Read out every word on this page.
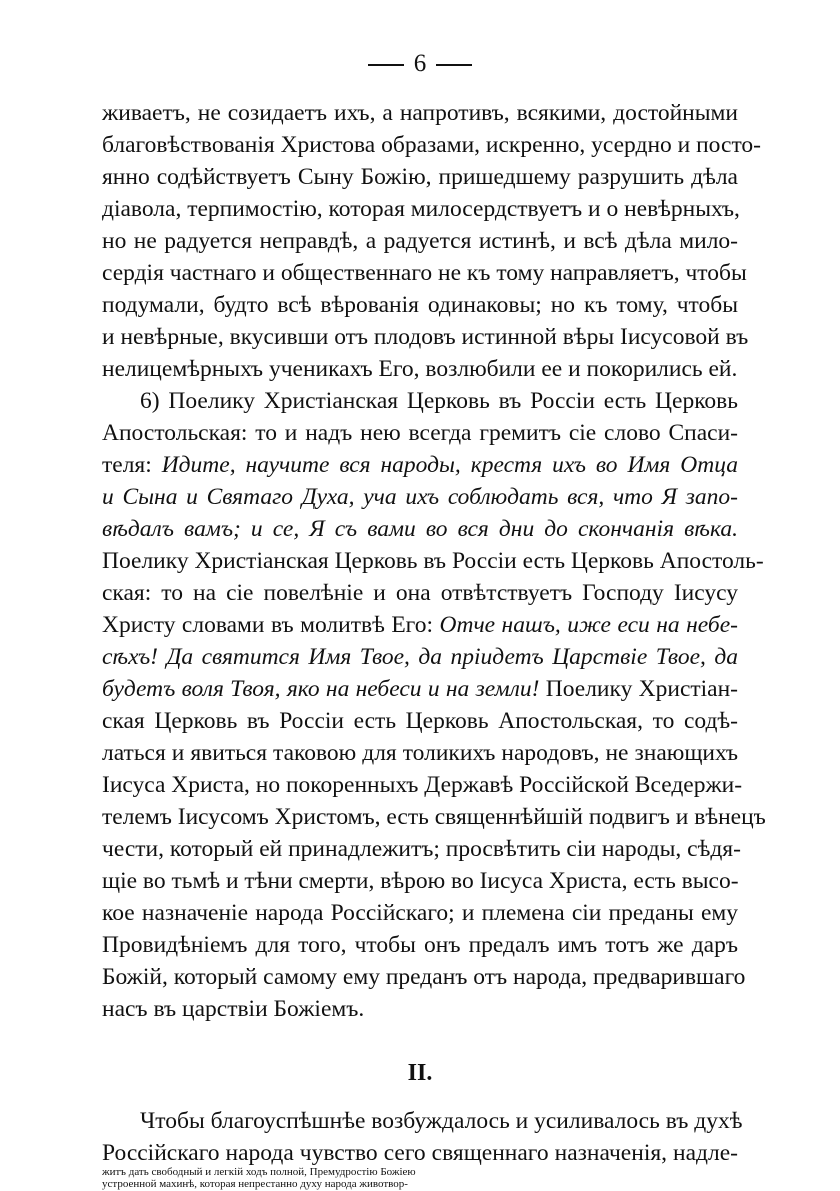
6
живаетъ, не созидаетъ ихъ, а напротивъ, всякими, достойными
благовѣствованія Христова образами, искренно, усердно и посто-
янно содѣйствуетъ Сыну Божію, пришедшему разрушить дѣла
діавола, терпимостію, которая милосердствуетъ и о невѣрныхъ,
но не радуется неправдѣ, а радуется истинѣ, и всѣ дѣла мило-
сердія частнаго и общественнаго не къ тому направляетъ, чтобы
подумали, будто всѣ вѣрованія одинаковы; но къ тому, чтобы
и невѣрные, вкусивши отъ плодовъ истинной вѣры Іисусовой въ
нелицемѣрныхъ ученикахъ Его, возлюбили ее и покорились ей.
6) Поелику Христіанская Церковь въ Россіи есть Церковь
Апостольская: то и надъ нею всегда гремитъ сіе слово Спаси-
теля: Идите, научите вся народы, крестя ихъ во Имя Отца
и Сына и Святаго Духа, уча ихъ соблюдать вся, что Я запо-
вѣдалъ вамъ; и се, Я съ вами во вся дни до скончанія вѣка.
Поелику Христіанская Церковь въ Россіи есть Церковь Апостоль-
ская: то на сіе повелѣніе и она отвѣтствуетъ Господу Іисусу
Христу словами въ молитвѣ Его: Отче нашъ, иже еси на небе-
сѣхъ! Да святится Имя Твое, да пріидетъ Царствіе Твое, да
будетъ воля Твоя, яко на небеси и на земли! Поелику Христіан-
ская Церковь въ Россіи есть Церковь Апостольская, то содѣ-
латься и явиться таковою для толикихъ народовъ, не знающихъ
Іисуса Христа, но покоренныхъ Державѣ Россійской Вседержи-
телемъ Іисусомъ Христомъ, есть священнѣйшій подвигъ и вѣнецъ
чести, который ей принадлежитъ; просвѣтить сіи народы, сѣдя-
щіе во тьмѣ и тѣни смерти, вѣрою во Іисуса Христа, есть высо-
кое назначеніе народа Россійскаго; и племена сіи преданы ему
Провидѣніемъ для того, чтобы онъ предалъ имъ тотъ же даръ
Божій, который самому ему преданъ отъ народа, предварившаго
насъ въ царствіи Божіемъ.
II.
Чтобы благоуспѣшнѣе возбуждалось и усиливалось въ духѣ
Россійскаго народа чувство сего священнаго назначенія, надле-
житъ дать свободный и легкій ходъ полной, Премудростію Божіею
устроенной махинѣ, которая непрестанно духу народа животвор-
